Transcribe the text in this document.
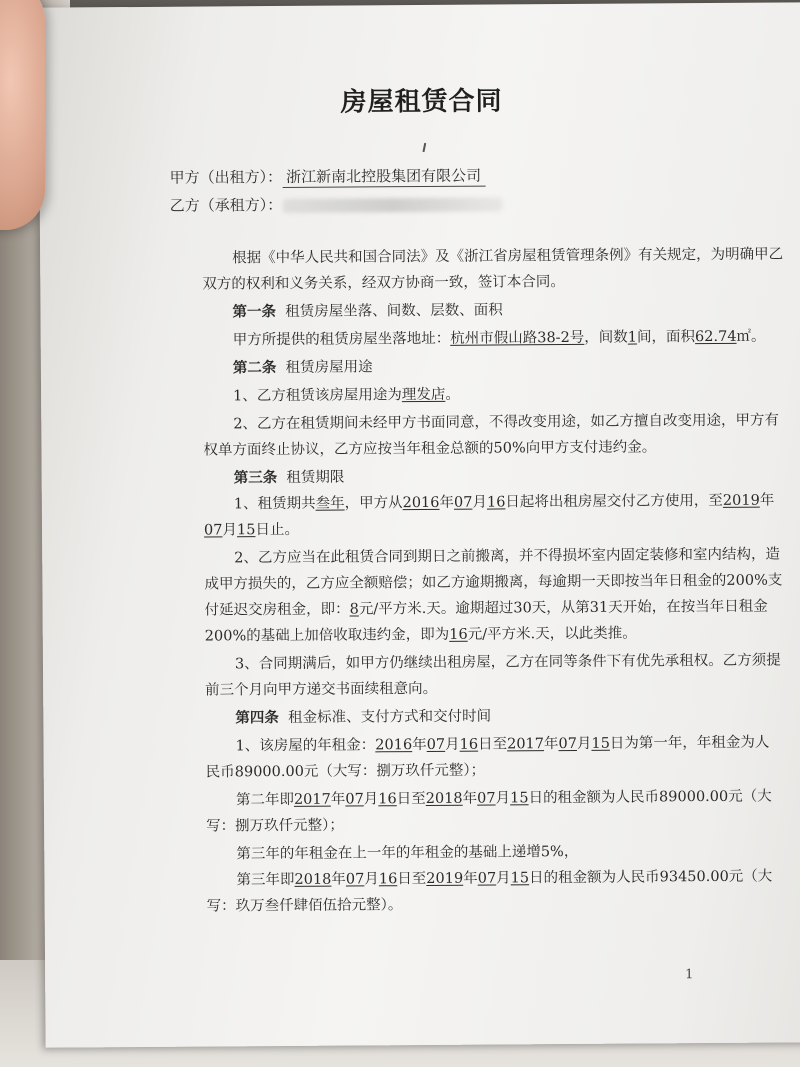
房屋租赁合同
甲方（出租方）： 浙江新南北控股集团有限公司
乙方（承租方）：
根据《中华人民共和国合同法》及《浙江省房屋租赁管理条例》有关规定，为明确甲乙
双方的权利和义务关系，经双方协商一致，签订本合同。
第一条 租赁房屋坐落、间数、层数、面积
甲方所提供的租赁房屋坐落地址：杭州市假山路38-2号，间数1间，面积62.74㎡。
第二条 租赁房屋用途
1、乙方租赁该房屋用途为理发店。
2、乙方在租赁期间未经甲方书面同意，不得改变用途，如乙方擅自改变用途，甲方有
权单方面终止协议，乙方应按当年租金总额的50%向甲方支付违约金。
第三条 租赁期限
1、租赁期共叁年，甲方从2016年07月16日起将出租房屋交付乙方使用，至2019年
07月15日止。
2、乙方应当在此租赁合同到期日之前搬离，并不得损坏室内固定装修和室内结构，造
成甲方损失的，乙方应全额赔偿；如乙方逾期搬离，每逾期一天即按当年日租金的200%支
付延迟交房租金，即：8元/平方米.天。逾期超过30天，从第31天开始，在按当年日租金
200%的基础上加倍收取违约金，即为16元/平方米.天，以此类推。
3、合同期满后，如甲方仍继续出租房屋，乙方在同等条件下有优先承租权。乙方须提
前三个月向甲方递交书面续租意向。
第四条 租金标准、支付方式和交付时间
1、该房屋的年租金：2016年07月16日至2017年07月15日为第一年，年租金为人
民币89000.00元（大写：捌万玖仟元整）；
第二年即2017年07月16日至2018年07月15日的租金额为人民币89000.00元（大
写：捌万玖仟元整）；
第三年的年租金在上一年的年租金的基础上递增5%，
第三年即2018年07月16日至2019年07月15日的租金额为人民币93450.00元（大
写：玖万叁仟肆佰伍拾元整）。
1
